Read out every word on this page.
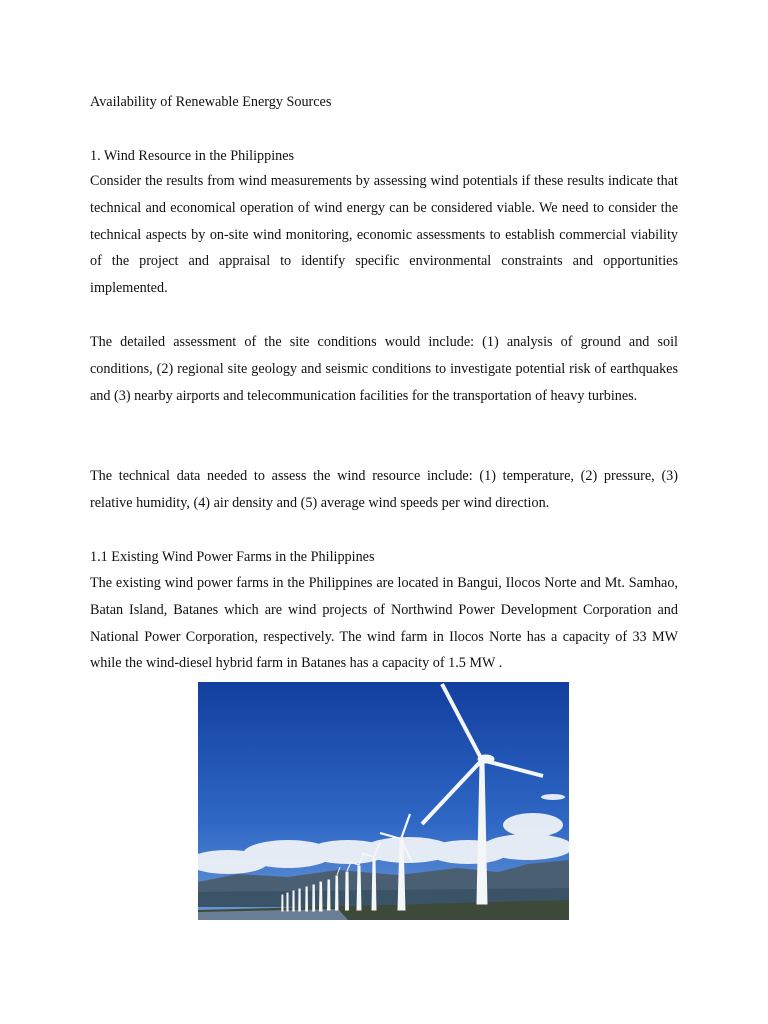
Availability of Renewable Energy Sources
1. Wind Resource in the Philippines

Consider the results from wind measurements by assessing wind potentials if these results indicate that technical and economical operation of wind energy can be considered viable. We need to consider the technical aspects by on-site wind monitoring, economic assessments to establish commercial viability of the project and appraisal to identify specific environmental constraints and opportunities implemented.

The detailed assessment of the site conditions would include: (1) analysis of ground and soil conditions, (2) regional site geology and seismic conditions to investigate potential risk of earthquakes and (3) nearby airports and telecommunication facilities for the transportation of heavy turbines.

The technical data needed to assess the wind resource include: (1) temperature, (2) pressure, (3) relative humidity, (4) air density and (5) average wind speeds per wind direction.

1.1 Existing Wind Power Farms in the Philippines

The existing wind power farms in the Philippines are located in Bangui, Ilocos Norte and Mt. Samhao, Batan Island, Batanes which are wind projects of Northwind Power Development Corporation and National Power Corporation, respectively. The wind farm in Ilocos Norte has a capacity of 33 MW while the wind-diesel hybrid farm in Batanes has a capacity of 1.5 MW .
